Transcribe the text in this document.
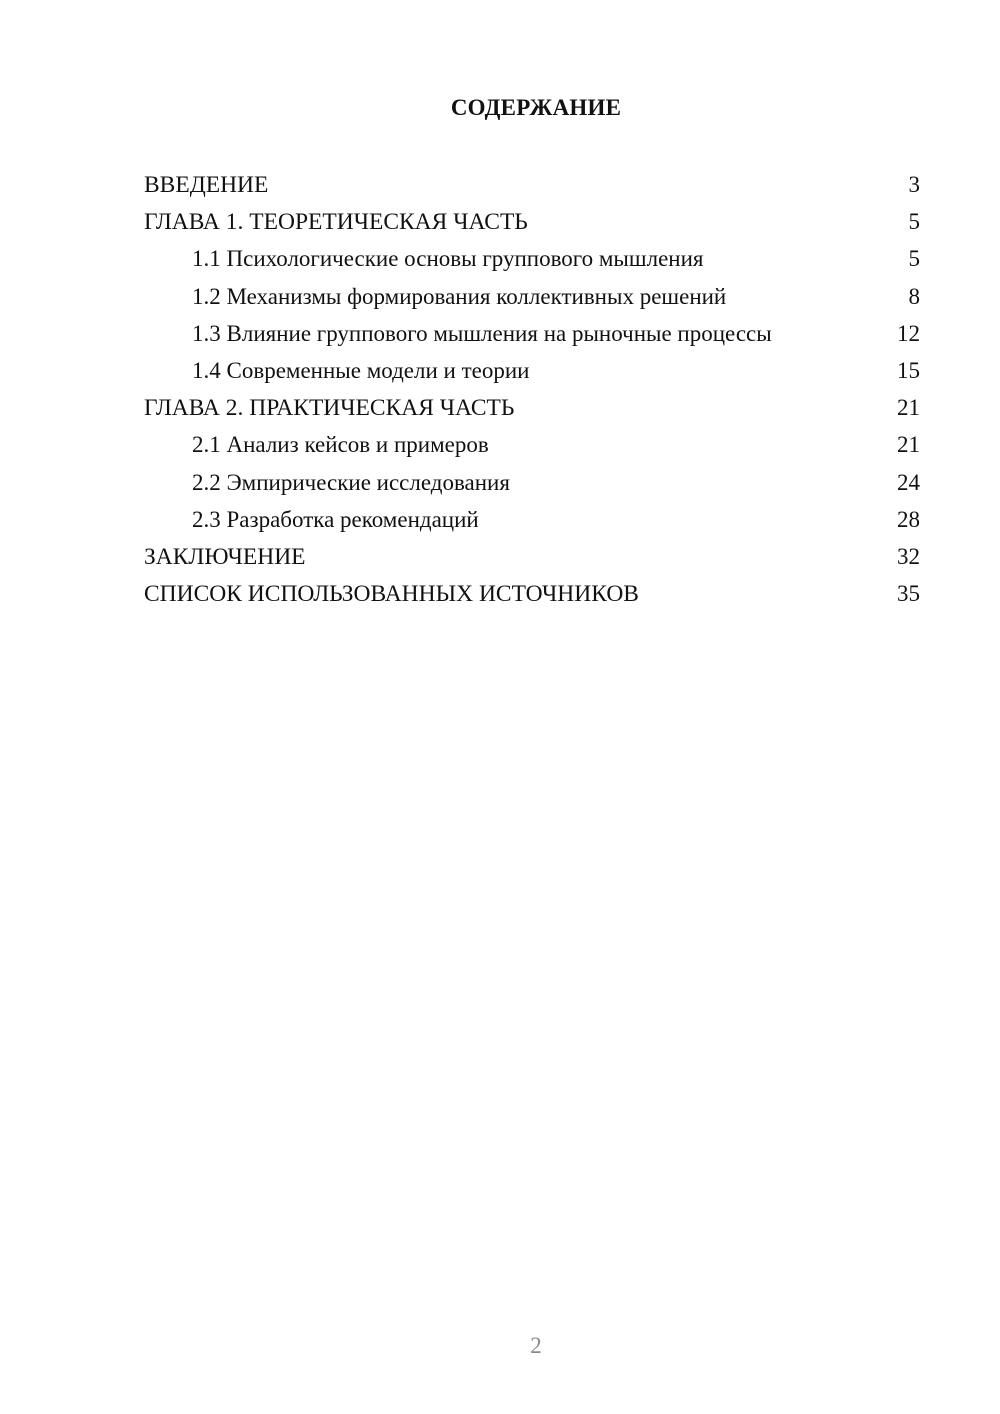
СОДЕРЖАНИЕ
ВВЕДЕНИЕ	3
ГЛАВА 1. ТЕОРЕТИЧЕСКАЯ ЧАСТЬ	5
1.1 Психологические основы группового мышления	5
1.2 Механизмы формирования коллективных решений	8
1.3 Влияние группового мышления на рыночные процессы	12
1.4 Современные модели и теории	15
ГЛАВА 2. ПРАКТИЧЕСКАЯ ЧАСТЬ	21
2.1 Анализ кейсов и примеров	21
2.2 Эмпирические исследования	24
2.3 Разработка рекомендаций	28
ЗАКЛЮЧЕНИЕ	32
СПИСОК ИСПОЛЬЗОВАННЫХ ИСТОЧНИКОВ	35
2
